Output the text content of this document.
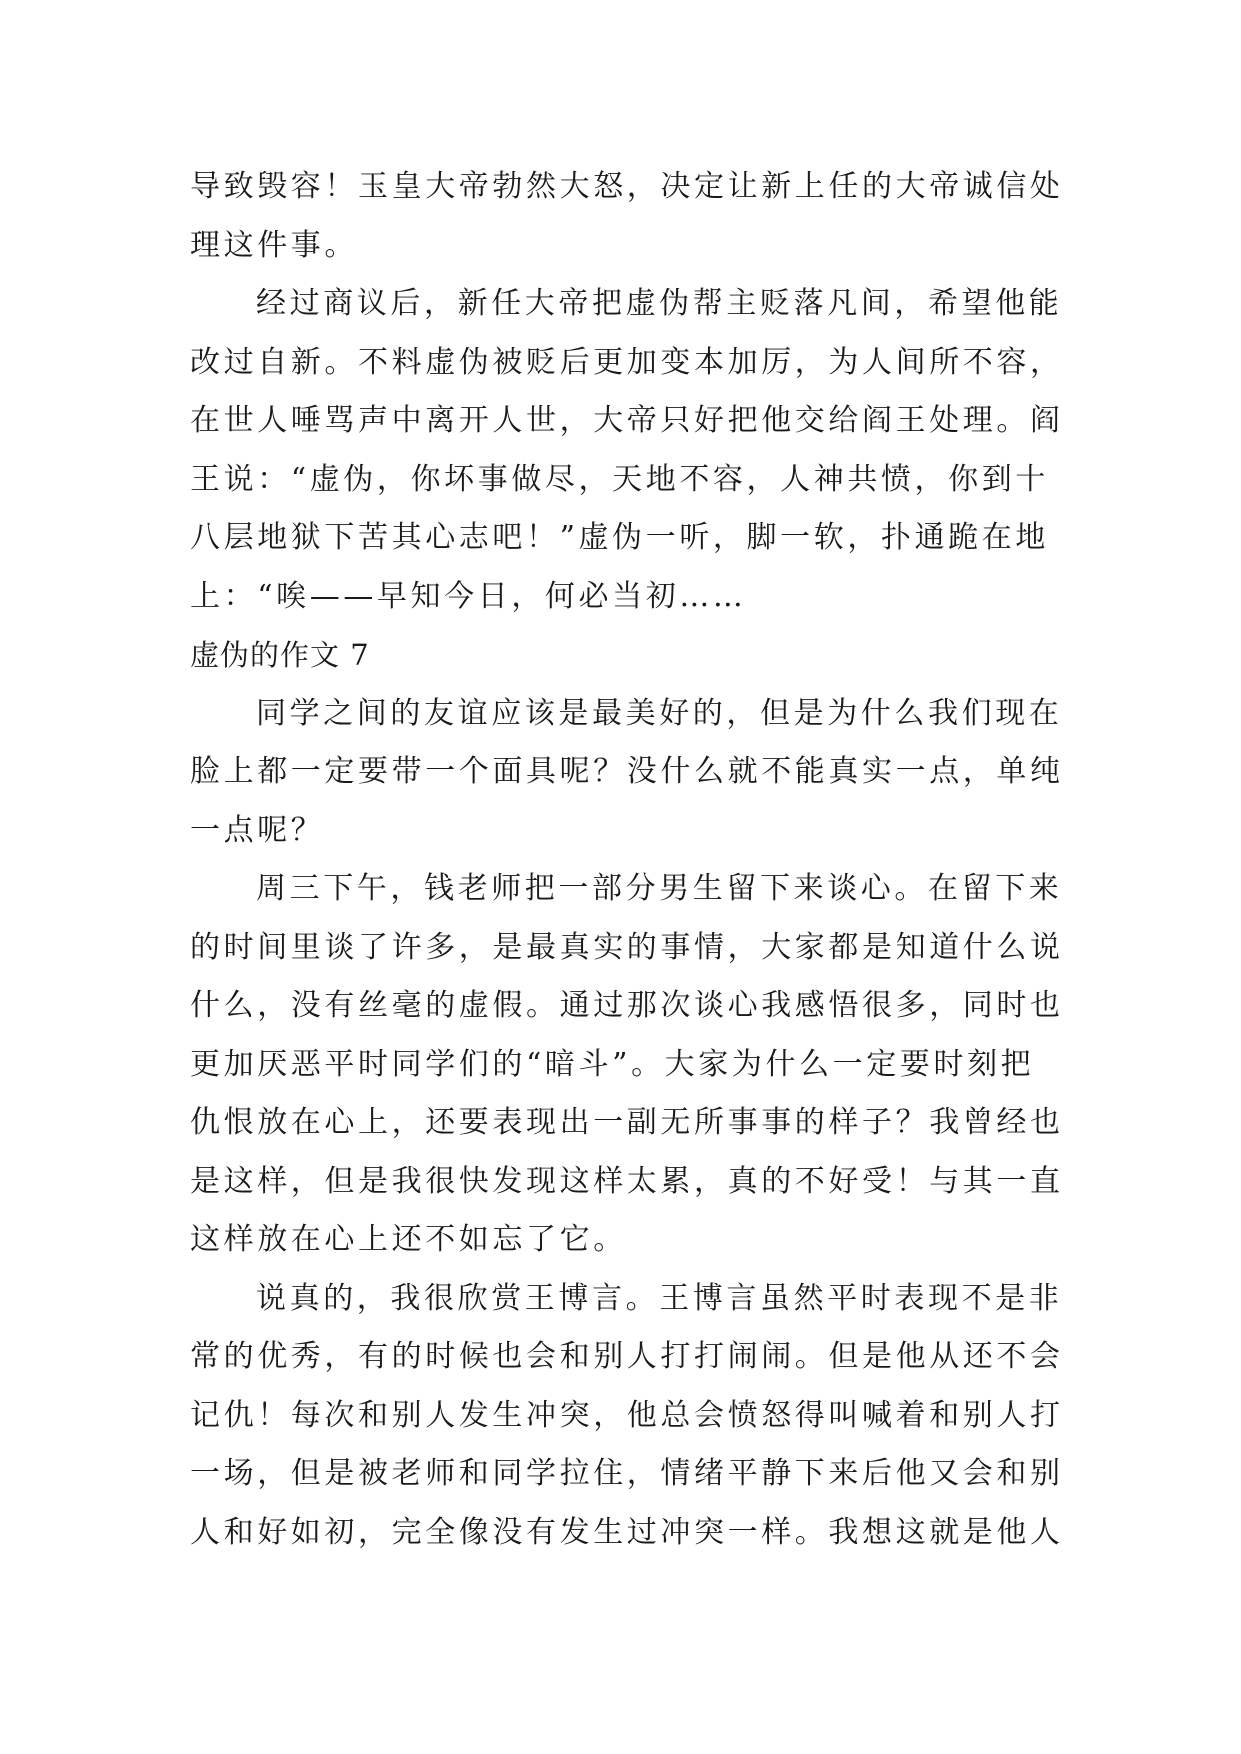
导致毁容！玉皇大帝勃然大怒，决定让新上任的大帝诚信处
理这件事。
经过商议后，新任大帝把虚伪帮主贬落凡间，希望他能
改过自新。不料虚伪被贬后更加变本加厉，为人间所不容，
在世人唾骂声中离开人世，大帝只好把他交给阎王处理。阎
王说：“虚伪，你坏事做尽，天地不容，人神共愤，你到十
八层地狱下苦其心志吧！”虚伪一听，脚一软，扑通跪在地
上：“唉——早知今日，何必当初……
虚伪的作文 7
同学之间的友谊应该是最美好的，但是为什么我们现在
脸上都一定要带一个面具呢？没什么就不能真实一点，单纯
一点呢？
周三下午，钱老师把一部分男生留下来谈心。在留下来
的时间里谈了许多，是最真实的事情，大家都是知道什么说
什么，没有丝毫的虚假。通过那次谈心我感悟很多，同时也
更加厌恶平时同学们的“暗斗”。大家为什么一定要时刻把
仇恨放在心上，还要表现出一副无所事事的样子？我曾经也
是这样，但是我很快发现这样太累，真的不好受！与其一直
这样放在心上还不如忘了它。
说真的，我很欣赏王博言。王博言虽然平时表现不是非
常的优秀，有的时候也会和别人打打闹闹。但是他从还不会
记仇！每次和别人发生冲突，他总会愤怒得叫喊着和别人打
一场，但是被老师和同学拉住，情绪平静下来后他又会和别
人和好如初，完全像没有发生过冲突一样。我想这就是他人
